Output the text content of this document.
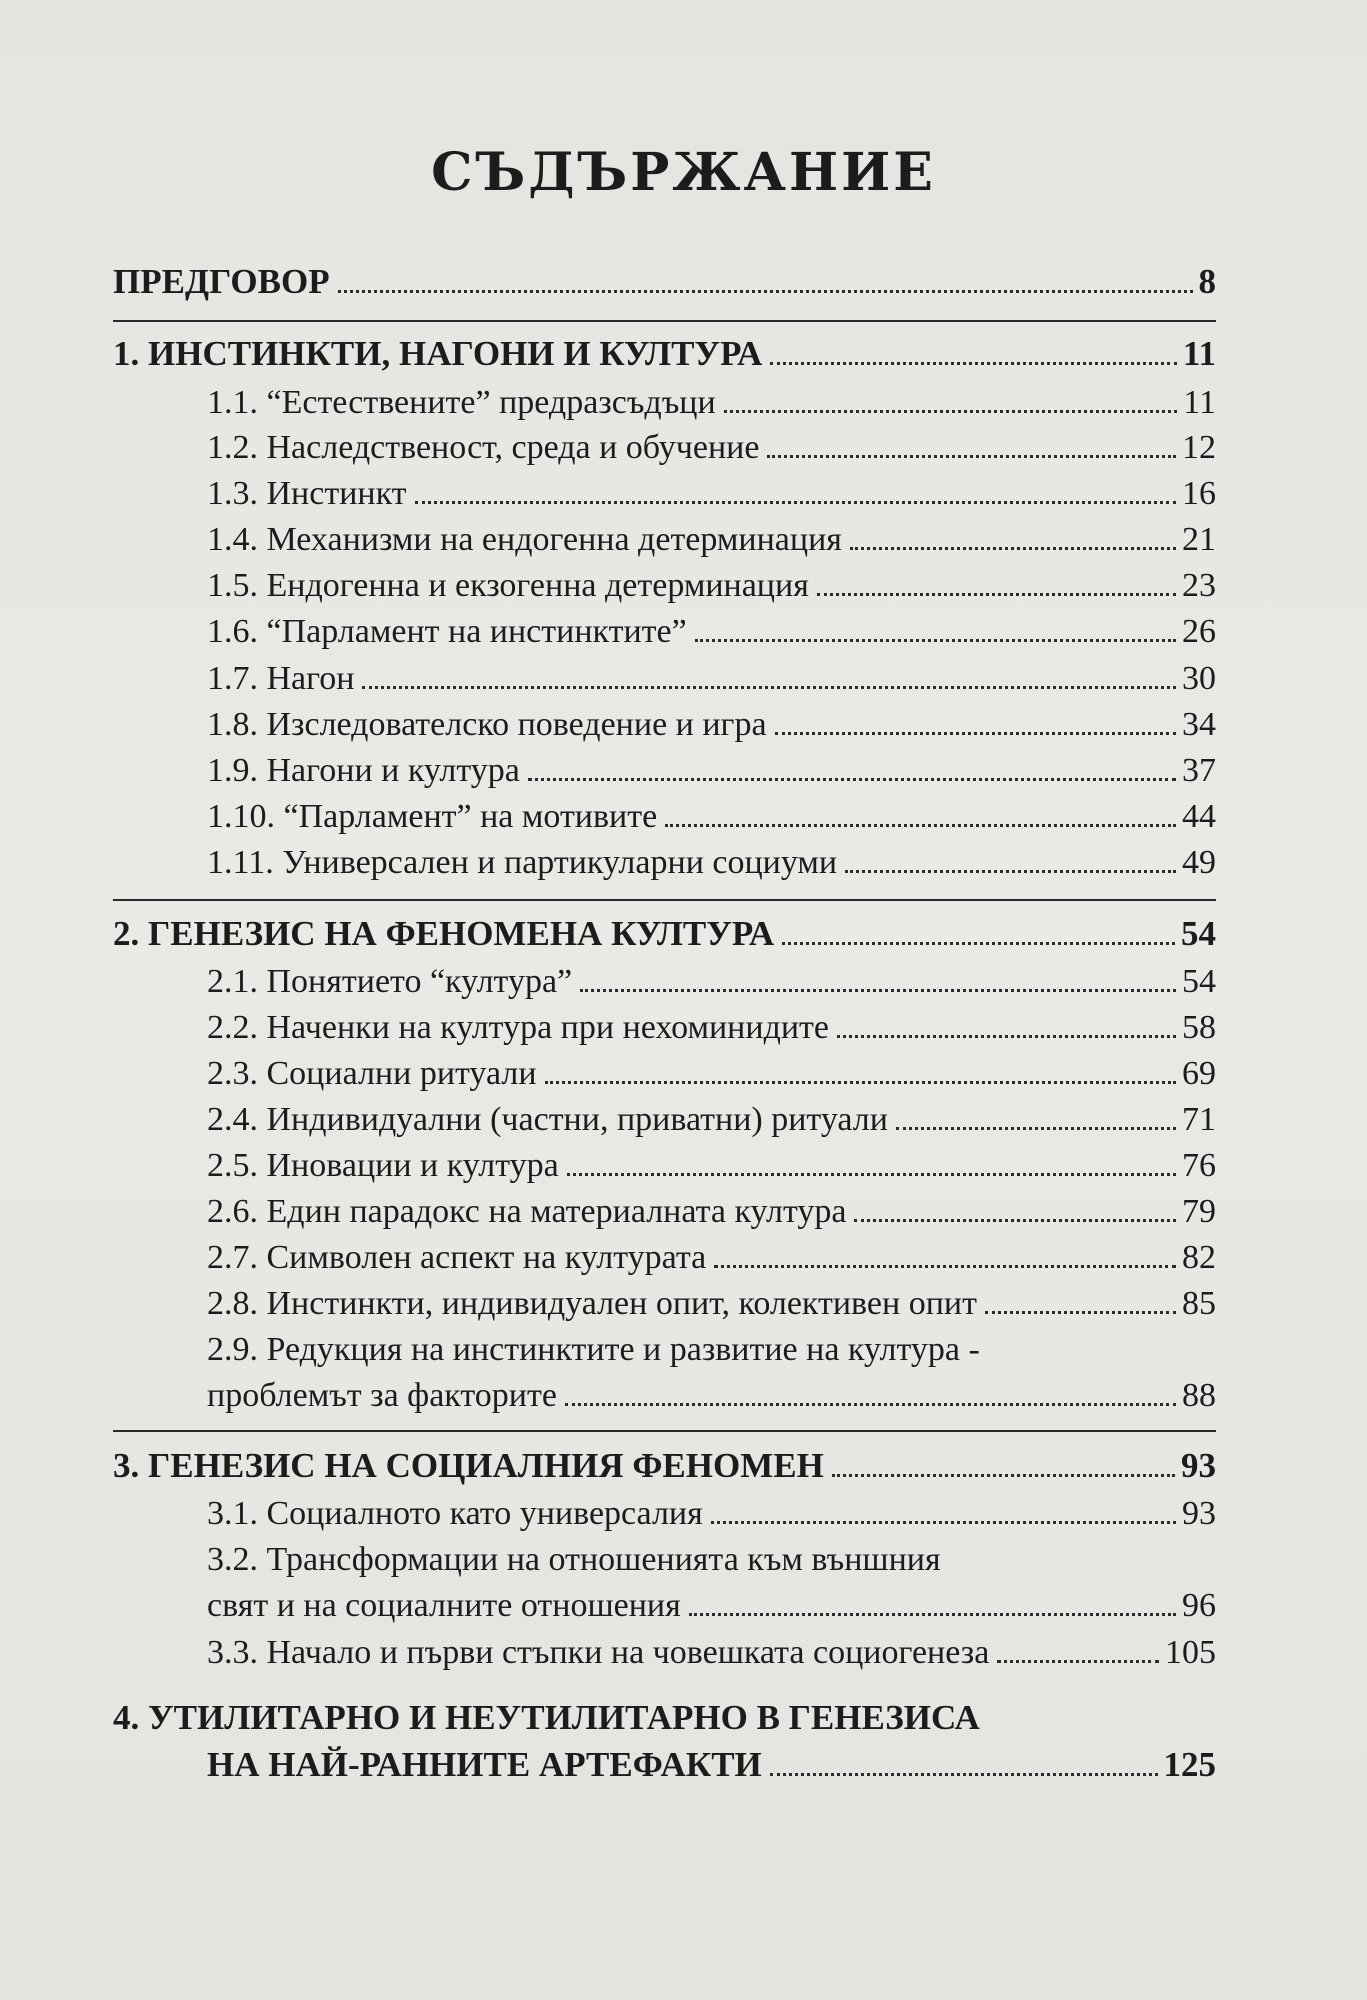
СЪДЪРЖАНИЕ
ПРЕДГОВОР	8
1. ИНСТИНКТИ, НАГОНИ И КУЛТУРА	11
1.1. “Естествените” предразсъдъци	11
1.2. Наследственост, среда и обучение	12
1.3. Инстинкт	16
1.4. Механизми на ендогенна детерминация	21
1.5. Ендогенна и екзогенна детерминация	23
1.6. “Парламент на инстинктите”	26
1.7. Нагон	30
1.8. Изследователско поведение и игра	34
1.9. Нагони и култура	37
1.10. “Парламент” на мотивите	44
1.11. Универсален и партикуларни социуми	49
2. ГЕНЕЗИС НА ФЕНОМЕНА КУЛТУРА	54
2.1. Понятието “култура”	54
2.2. Наченки на култура при нехоминидите	58
2.3. Социални ритуали	69
2.4. Индивидуални (частни, приватни) ритуали	71
2.5. Иновации и култура	76
2.6. Един парадокс на материалната култура	79
2.7. Символен аспект на културата	82
2.8. Инстинкти, индивидуален опит, колективен опит	85
2.9. Редукция на инстинктите и развитие на култура -
проблемът за факторите	88
3. ГЕНЕЗИС НА СОЦИАЛНИЯ ФЕНОМЕН	93
3.1. Социалното като универсалия	93
3.2. Трансформации на отношенията към външния
свят и на социалните отношения	96
3.3. Начало и първи стъпки на човешката социогенеза	105
4. УТИЛИТАРНО И НЕУТИЛИТАРНО В ГЕНЕЗИСА
НА НАЙ-РАННИТЕ АРТЕФАКТИ	125
